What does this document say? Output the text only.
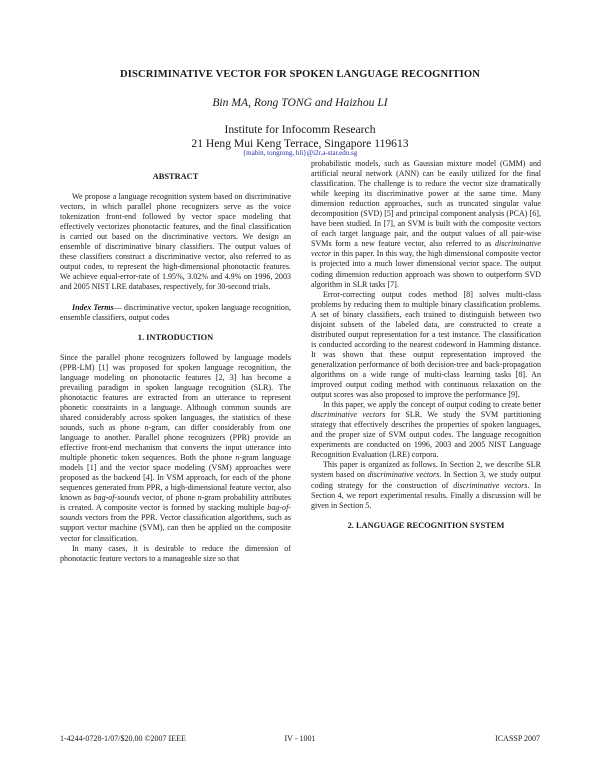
DISCRIMINATIVE VECTOR FOR SPOKEN LANGUAGE RECOGNITION
Bin MA, Rong TONG and Haizhou LI
Institute for Infocomm Research
21 Heng Mui Keng Terrace, Singapore 119613
{mabin, tongrong, hli}@i2r.a-star.edu.sg

ABSTRACT

We propose a language recognition system based on discriminative vectors, in which parallel phone recognizers serve as the voice tokenization front-end followed by vector space modeling that effectively vectorizes phonotactic features, and the final classification is carried out based on the discriminative vectors. We design an ensemble of discriminative binary classifiers. The output values of these classifiers construct a discriminative vector, also referred to as output codes, to represent the high-dimensional phonotactic features. We achieve equal-error-rate of 1.95%, 3.02% and 4.9% on 1996, 2003 and 2005 NIST LRE databases, respectively, for 30-second trials.

Index Terms— discriminative vector, spoken language recognition, ensemble classifiers, output codes

1. INTRODUCTION

Since the parallel phone recognizers followed by language models (PPR-LM) [1] was proposed for spoken language recognition, the language modeling on phonotactic features [2, 3] has become a prevailing paradigm in spoken language recognition (SLR). The phonotactic features are extracted from an utterance to represent phonetic constraints in a language. Although common sounds are shared considerably across spoken languages, the statistics of these sounds, such as phone n-gram, can differ considerably from one language to another. Parallel phone recognizers (PPR) provide an effective front-end mechanism that converts the input utterance into multiple phonetic token sequences. Both the phone n-gram language models [1] and the vector space modeling (VSM) approaches were proposed as the backend [4]. In VSM approach, for each of the phone sequences generated from PPR, a high-dimensional feature vector, also known as bag-of-sounds vector, of phone n-gram probability attributes is created. A composite vector is formed by stacking multiple bag-of-sounds vectors from the PPR. Vector classification algorithms, such as support vector machine (SVM), can then be applied on the composite vector for classification.

In many cases, it is desirable to reduce the dimension of phonotactic feature vectors to a manageable size so that

probabilistic models, such as Gaussian mixture model (GMM) and artificial neural network (ANN) can be easily utilized for the final classification. The challenge is to reduce the vector size dramatically while keeping its discriminative power at the same time. Many dimension reduction approaches, such as truncated singular value decomposition (SVD) [5] and principal component analysis (PCA) [6], have been studied. In [7], an SVM is built with the composite vectors of each target language pair, and the output values of all pair-wise SVMs form a new feature vector, also referred to as discriminative vector in this paper. In this way, the high dimensional composite vector is projected into a much lower dimensional vector space. The output coding dimension reduction approach was shown to outperform SVD algorithm in SLR tasks [7].

Error-correcting output codes method [8] solves multi-class problems by reducing them to multiple binary classification problems. A set of binary classifiers, each trained to distinguish between two disjoint subsets of the labeled data, are constructed to create a distributed output representation for a test instance. The classification is conducted according to the nearest codeword in Hamming distance. It was shown that these output representation improved the generalization performance of both decision-tree and back-propagation algorithms on a wide range of multi-class learning tasks [8]. An improved output coding method with continuous relaxation on the output scores was also proposed to improve the performance [9].

In this paper, we apply the concept of output coding to create better discriminative vectors for SLR. We study the SVM partitioning strategy that effectively describes the properties of spoken languages, and the proper size of SVM output codes. The language recognition experiments are conducted on 1996, 2003 and 2005 NIST Language Recognition Evaluation (LRE) corpora.

This paper is organized as follows. In Section 2, we describe SLR system based on discriminative vectors. In Section 3, we study output coding strategy for the construction of discriminative vectors. In Section 4, we report experimental results. Finally a discussion will be given in Section 5.

2. LANGUAGE RECOGNITION SYSTEM

1-4244-0728-1/07/$20.00 ©2007 IEEE	IV - 1001	ICASSP 2007
